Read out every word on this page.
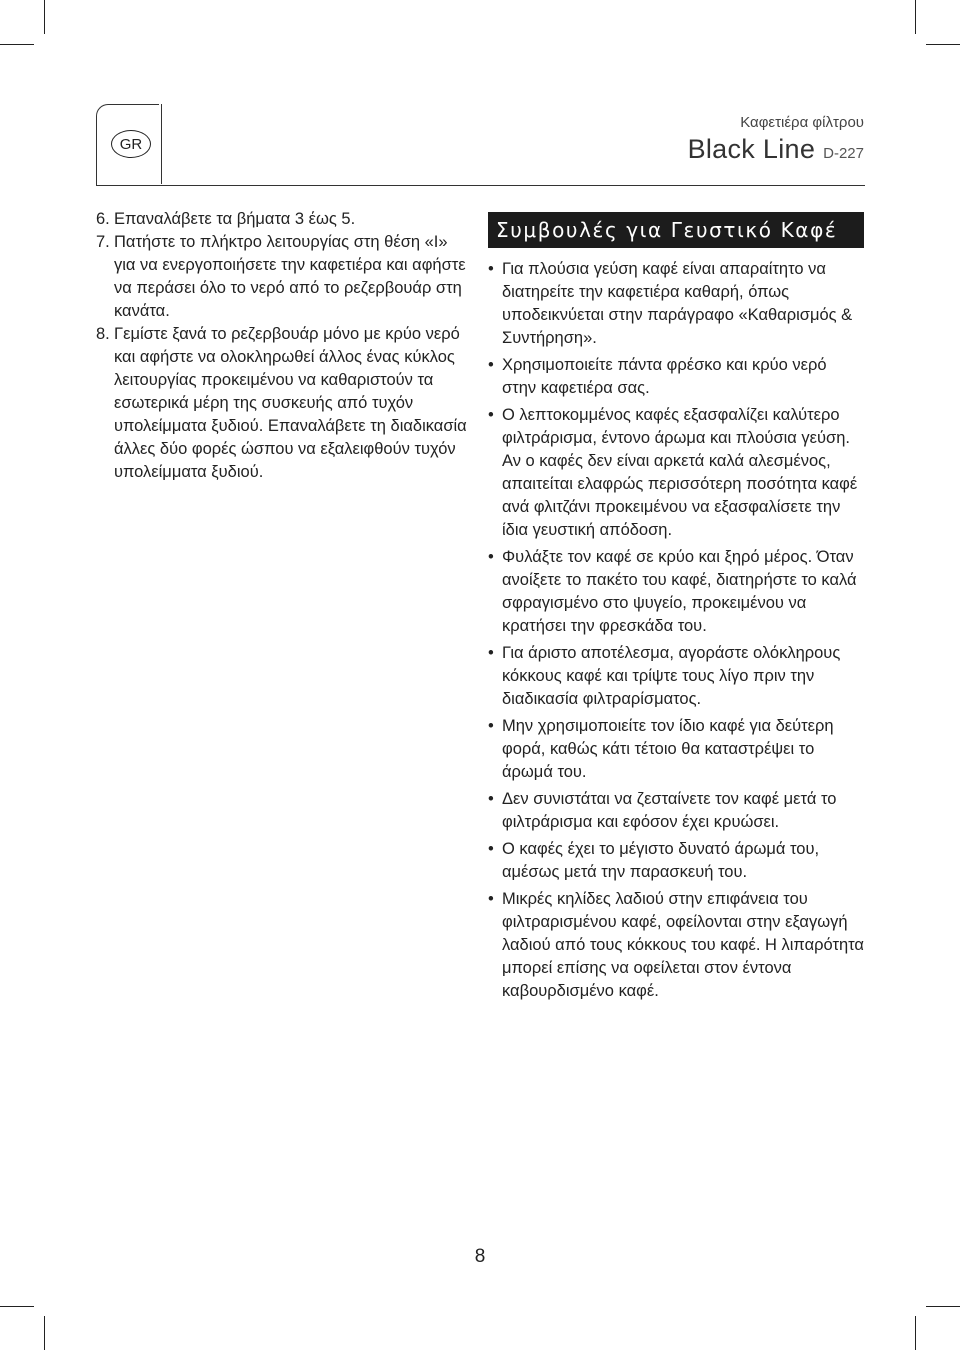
GR
Καφετιέρα φίλτρου
Black Line D-227
6. Επαναλάβετε τα βήματα 3 έως 5.
7. Πατήστε το πλήκτρο λειτουργίας στη θέση «I» για να ενεργοποιήσετε την καφετιέρα και αφήστε να περάσει όλο το νερό από το ρεζερβουάρ στη κανάτα.
8. Γεμίστε ξανά το ρεζερβουάρ μόνο με κρύο νερό και αφήστε να ολοκληρωθεί άλλος ένας κύκλος λειτουργίας προκειμένου να καθαριστούν τα εσωτερικά μέρη της συσκευής από τυχόν υπολείμματα ξυδιού. Επαναλάβετε τη διαδικασία άλλες δύο φορές ώσπου να εξαλειφθούν τυχόν υπολείμματα ξυδιού.
Συμβουλές για Γευστικό Καφέ
• Για πλούσια γεύση καφέ είναι απαραίτητο να διατηρείτε την καφετιέρα καθαρή, όπως υποδεικνύεται στην παράγραφο «Καθαρισμός & Συντήρηση».
• Χρησιμοποιείτε πάντα φρέσκο και κρύο νερό στην καφετιέρα σας.
• Ο λεπτοκομμένος καφές εξασφαλίζει καλύτερο φιλτράρισμα, έντονο άρωμα και πλούσια γεύση. Αν ο καφές δεν είναι αρκετά καλά αλεσμένος, απαιτείται ελαφρώς περισσότερη ποσότητα καφέ ανά φλιτζάνι προκειμένου να εξασφαλίσετε την ίδια γευστική απόδοση.
• Φυλάξτε τον καφέ σε κρύο και ξηρό μέρος. Όταν ανοίξετε το πακέτο του καφέ, διατηρήστε το καλά σφραγισμένο στο ψυγείο, προκειμένου να κρατήσει την φρεσκάδα του.
• Για άριστο αποτέλεσμα, αγοράστε ολόκληρους κόκκους καφέ και τρίψτε τους λίγο πριν την διαδικασία φιλτραρίσματος.
• Μην χρησιμοποιείτε τον ίδιο καφέ για δεύτερη φορά, καθώς κάτι τέτοιο θα καταστρέψει το άρωμά του.
• Δεν συνιστάται να ζεσταίνετε τον καφέ μετά το φιλτράρισμα και εφόσον έχει κρυώσει.
• Ο καφές έχει το μέγιστο δυνατό άρωμά του, αμέσως μετά την παρασκευή του.
• Μικρές κηλίδες λαδιού στην επιφάνεια του φιλτραρισμένου καφέ, οφείλονται στην εξαγωγή λαδιού από τους κόκκους του καφέ. Η λιπαρότητα μπορεί επίσης να οφείλεται στον έντονα καβουρδισμένο καφέ.
8
